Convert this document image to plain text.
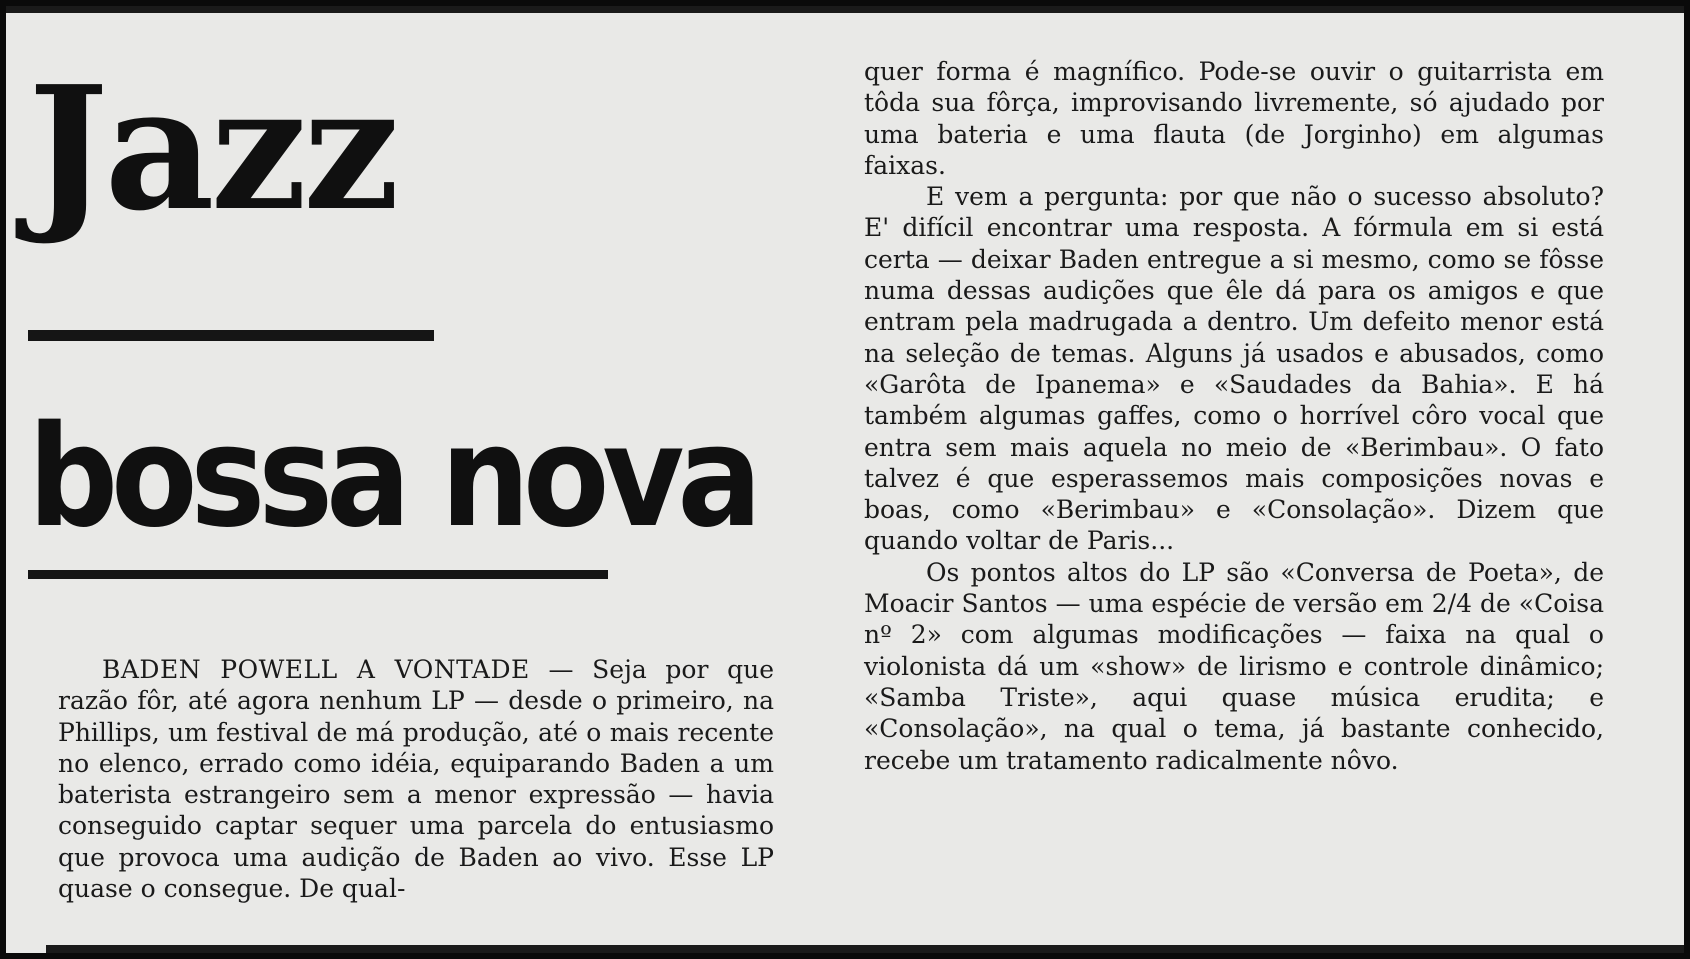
Jazz
bossa nova

BADEN POWELL A VONTADE — Seja por que razão fôr, até agora nenhum LP — desde o primeiro, na Phillips, um festival de má produção, até o mais recente no elenco, errado como idéia, equiparando Baden a um baterista estrangeiro sem a menor expressão — havia conseguido captar sequer uma parcela do entusiasmo que provoca uma audição de Baden ao vivo. Esse LP quase o consegue. De qual-

quer forma é magnífico. Pode-se ouvir o guitarrista em tôda sua fôrça, improvisando livremente, só ajudado por uma bateria e uma flauta (de Jorginho) em algumas faixas.

E vem a pergunta: por que não o sucesso absoluto? E' difícil encontrar uma resposta. A fórmula em si está certa — deixar Baden entregue a si mesmo, como se fôsse numa dessas audições que êle dá para os amigos e que entram pela madrugada a dentro. Um defeito menor está na seleção de temas. Alguns já usados e abusados, como «Garôta de Ipanema» e «Saudades da Bahia». E há também algumas gaffes, como o horrível côro vocal que entra sem mais aquela no meio de «Berimbau». O fato talvez é que esperassemos mais composições novas e boas, como «Berimbau» e «Consolação». Dizem que quando voltar de Paris...

Os pontos altos do LP são «Conversa de Poeta», de Moacir Santos — uma espécie de versão em 2/4 de «Coisa nº 2» com algumas modificações — faixa na qual o violonista dá um «show» de lirismo e controle dinâmico; «Samba Triste», aqui quase música erudita; e «Consolação», na qual o tema, já bastante conhecido, recebe um tratamento radicalmente nôvo.
